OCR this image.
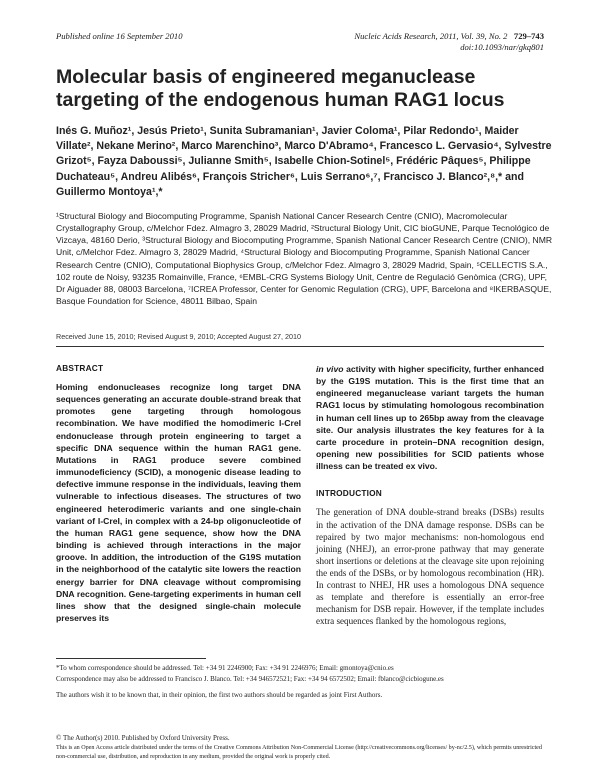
Published online 16 September 2010	Nucleic Acids Research, 2011, Vol. 39, No. 2 729–743
doi:10.1093/nar/gkq801
Molecular basis of engineered meganuclease targeting of the endogenous human RAG1 locus
Inés G. Muñoz¹, Jesús Prieto¹, Sunita Subramanian¹, Javier Coloma¹, Pilar Redondo¹, Maider Villate², Nekane Merino², Marco Marenchino³, Marco D'Abramo⁴, Francesco L. Gervasio⁴, Sylvestre Grizot⁵, Fayza Daboussi⁵, Julianne Smith⁵, Isabelle Chion-Sotinel⁵, Frédéric Pâques⁵, Philippe Duchateau⁵, Andreu Alibés⁶, François Stricher⁶, Luis Serrano⁶,⁷, Francisco J. Blanco²,⁸,* and Guillermo Montoya¹,*
¹Structural Biology and Biocomputing Programme, Spanish National Cancer Research Centre (CNIO), Macromolecular Crystallography Group, c/Melchor Fdez. Almagro 3, 28029 Madrid, ²Structural Biology Unit, CIC bioGUNE, Parque Tecnológico de Vizcaya, 48160 Derio, ³Structural Biology and Biocomputing Programme, Spanish National Cancer Research Centre (CNIO), NMR Unit, c/Melchor Fdez. Almagro 3, 28029 Madrid, ⁴Structural Biology and Biocomputing Programme, Spanish National Cancer Research Centre (CNIO), Computational Biophysics Group, c/Melchor Fdez. Almagro 3, 28029 Madrid, Spain, ⁵CELLECTIS S.A., 102 route de Noisy, 93235 Romainville, France, ⁶EMBL-CRG Systems Biology Unit, Centre de Regulació Genòmica (CRG), UPF, Dr Aiguader 88, 08003 Barcelona, ⁷ICREA Professor, Center for Genomic Regulation (CRG), UPF, Barcelona and ⁸IKERBASQUE, Basque Foundation for Science, 48011 Bilbao, Spain
Received June 15, 2010; Revised August 9, 2010; Accepted August 27, 2010
ABSTRACT
Homing endonucleases recognize long target DNA sequences generating an accurate double-strand break that promotes gene targeting through homologous recombination. We have modified the homodimeric I-CreI endonuclease through protein engineering to target a specific DNA sequence within the human RAG1 gene. Mutations in RAG1 produce severe combined immunodeficiency (SCID), a monogenic disease leading to defective immune response in the individuals, leaving them vulnerable to infectious diseases. The structures of two engineered heterodimeric variants and one single-chain variant of I-CreI, in complex with a 24-bp oligonucleotide of the human RAG1 gene sequence, show how the DNA binding is achieved through interactions in the major groove. In addition, the introduction of the G19S mutation in the neighborhood of the catalytic site lowers the reaction energy barrier for DNA cleavage without compromising DNA recognition. Gene-targeting experiments in human cell lines show that the designed single-chain molecule preserves its
in vivo activity with higher specificity, further enhanced by the G19S mutation. This is the first time that an engineered meganuclease variant targets the human RAG1 locus by stimulating homologous recombination in human cell lines up to 265bp away from the cleavage site. Our analysis illustrates the key features for à la carte procedure in protein–DNA recognition design, opening new possibilities for SCID patients whose illness can be treated ex vivo.
INTRODUCTION
The generation of DNA double-strand breaks (DSBs) results in the activation of the DNA damage response. DSBs can be repaired by two major mechanisms: non-homologous end joining (NHEJ), an error-prone pathway that may generate short insertions or deletions at the cleavage site upon rejoining the ends of the DSBs, or by homologous recombination (HR). In contrast to NHEJ, HR uses a homologous DNA sequence as template and therefore is essentially an error-free mechanism for DSB repair. However, if the template includes extra sequences flanked by the homologous regions,
*To whom correspondence should be addressed. Tel: +34 91 2246900; Fax: +34 91 2246976; Email: gmontoya@cnio.es
Correspondence may also be addressed to Francisco J. Blanco. Tel: +34 946572521; Fax: +34 94 6572502; Email: fblanco@cicbiogune.es
The authors wish it to be known that, in their opinion, the first two authors should be regarded as joint First Authors.
© The Author(s) 2010. Published by Oxford University Press.
This is an Open Access article distributed under the terms of the Creative Commons Attribution Non-Commercial License (http://creativecommons.org/licenses/ by-nc/2.5), which permits unrestricted non-commercial use, distribution, and reproduction in any medium, provided the original work is properly cited.
